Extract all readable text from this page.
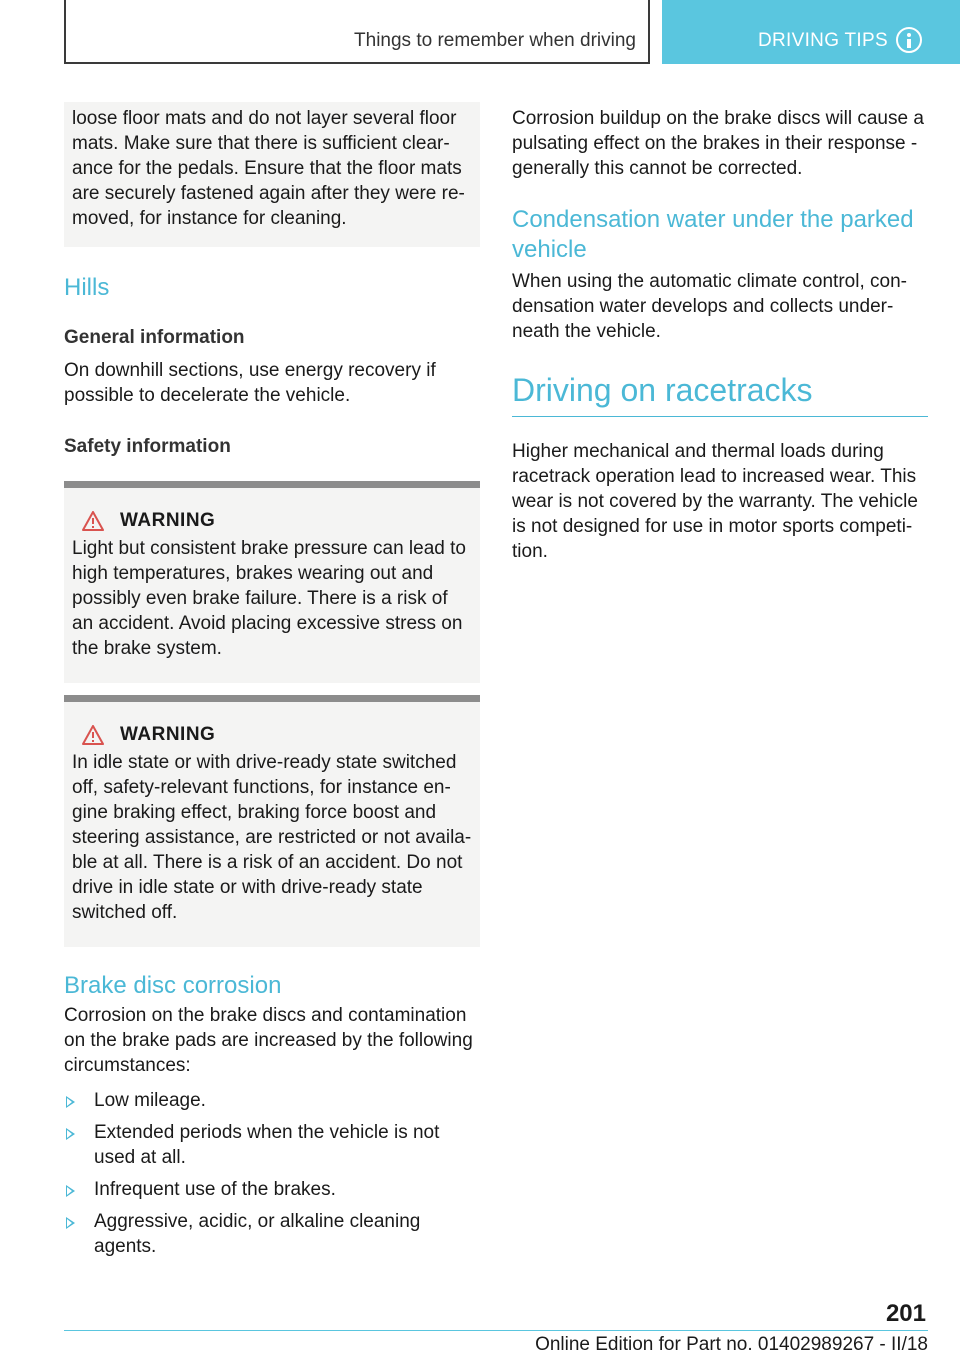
Things to remember when driving	DRIVING TIPS

loose floor mats and do not layer several floor mats. Make sure that there is sufficient clear-ance for the pedals. Ensure that the floor mats are securely fastened again after they were re-moved, for instance for cleaning.

Hills
General information

On downhill sections, use energy recovery if possible to decelerate the vehicle.

Safety information
WARNING

Light but consistent brake pressure can lead to high temperatures, brakes wearing out and possibly even brake failure. There is a risk of an accident. Avoid placing excessive stress on the brake system.

WARNING

In idle state or with drive-ready state switched off, safety-relevant functions, for instance en-gine braking effect, braking force boost and steering assistance, are restricted or not availa-ble at all. There is a risk of an accident. Do not drive in idle state or with drive-ready state switched off.

Brake disc corrosion

Corrosion on the brake discs and contamination on the brake pads are increased by the following circumstances:

Low mileage.
Extended periods when the vehicle is not used at all.
Infrequent use of the brakes.
Aggressive, acidic, or alkaline cleaning agents.

Corrosion buildup on the brake discs will cause a pulsating effect on the brakes in their response - generally this cannot be corrected.

Condensation water under the parked vehicle

When using the automatic climate control, con-densation water develops and collects under-neath the vehicle.

Driving on racetracks

Higher mechanical and thermal loads during racetrack operation lead to increased wear. This wear is not covered by the warranty. The vehicle is not designed for use in motor sports competi-tion.

201
Online Edition for Part no. 01402989267 - II/18
